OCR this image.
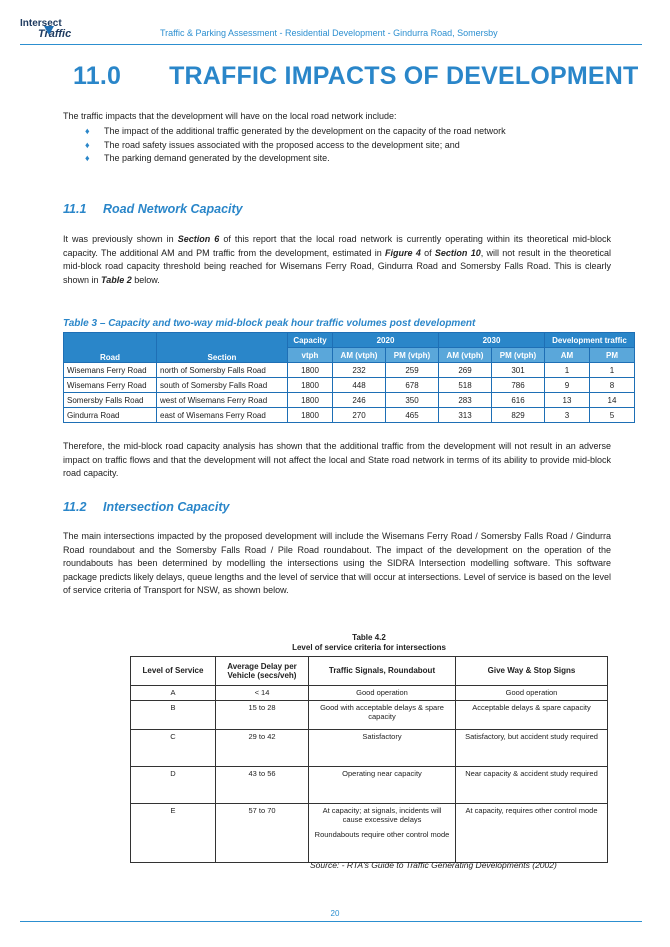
Intersect
Traffic	Traffic & Parking Assessment - Residential Development - Gindurra Road, Somersby
11.0 TRAFFIC IMPACTS OF DEVELOPMENT
The traffic impacts that the development will have on the local road network include:
♦ The impact of the additional traffic generated by the development on the capacity of the road network
♦ The road safety issues associated with the proposed access to the development site; and
♦ The parking demand generated by the development site.
11.1 Road Network Capacity
It was previously shown in Section 6 of this report that the local road network is currently operating within its theoretical mid-block capacity. The additional AM and PM traffic from the development, estimated in Figure 4 of Section 10, will not result in the theoretical mid-block road capacity threshold being reached for Wisemans Ferry Road, Gindurra Road and Somersby Falls Road. This is clearly shown in Table 2 below.
Table 3 – Capacity and two-way mid-block peak hour traffic volumes post development
Road	Section	Capacity	2020		2030		Development traffic	
		vtph	AM (vtph)	PM (vtph)	AM (vtph)	PM (vtph)	AM	PM
Wisemans Ferry Road	north of Somersby Falls Road	1800	232	259	269	301	1	1
Wisemans Ferry Road	south of Somersby Falls Road	1800	448	678	518	786	9	8
Somersby Falls Road	west of Wisemans Ferry Road	1800	246	350	283	616	13	14
Gindurra Road	east of Wisemans Ferry Road	1800	270	465	313	829	3	5
Therefore, the mid-block road capacity analysis has shown that the additional traffic from the development will not result in an adverse impact on traffic flows and that the development will not affect the local and State road network in terms of its ability to provide mid-block road capacity.
11.2 Intersection Capacity
The main intersections impacted by the proposed development will include the Wisemans Ferry Road / Somersby Falls Road / Gindurra Road roundabout and the Somersby Falls Road / Pile Road roundabout. The impact of the development on the operation of the roundabouts has been determined by modelling the intersections using the SIDRA Intersection modelling software. This software package predicts likely delays, queue lengths and the level of service that will occur at intersections. Level of service is based on the level of service criteria of Transport for NSW, as shown below.
Table 4.2
Level of service criteria for intersections
Level of Service	Average Delay per Vehicle (secs/veh)	Traffic Signals, Roundabout	Give Way & Stop Signs
A	< 14	Good operation	Good operation
B	15 to 28	Good with acceptable delays & spare capacity	Acceptable delays & spare capacity
C	29 to 42	Satisfactory	Satisfactory, but accident study required
D	43 to 56	Operating near capacity	Near capacity & accident study required
E	57 to 70	At capacity; at signals, incidents will cause excessive delays
Roundabouts require other control mode	At capacity, requires other control mode
Source: - RTA's Guide to Traffic Generating Developments (2002)
20
